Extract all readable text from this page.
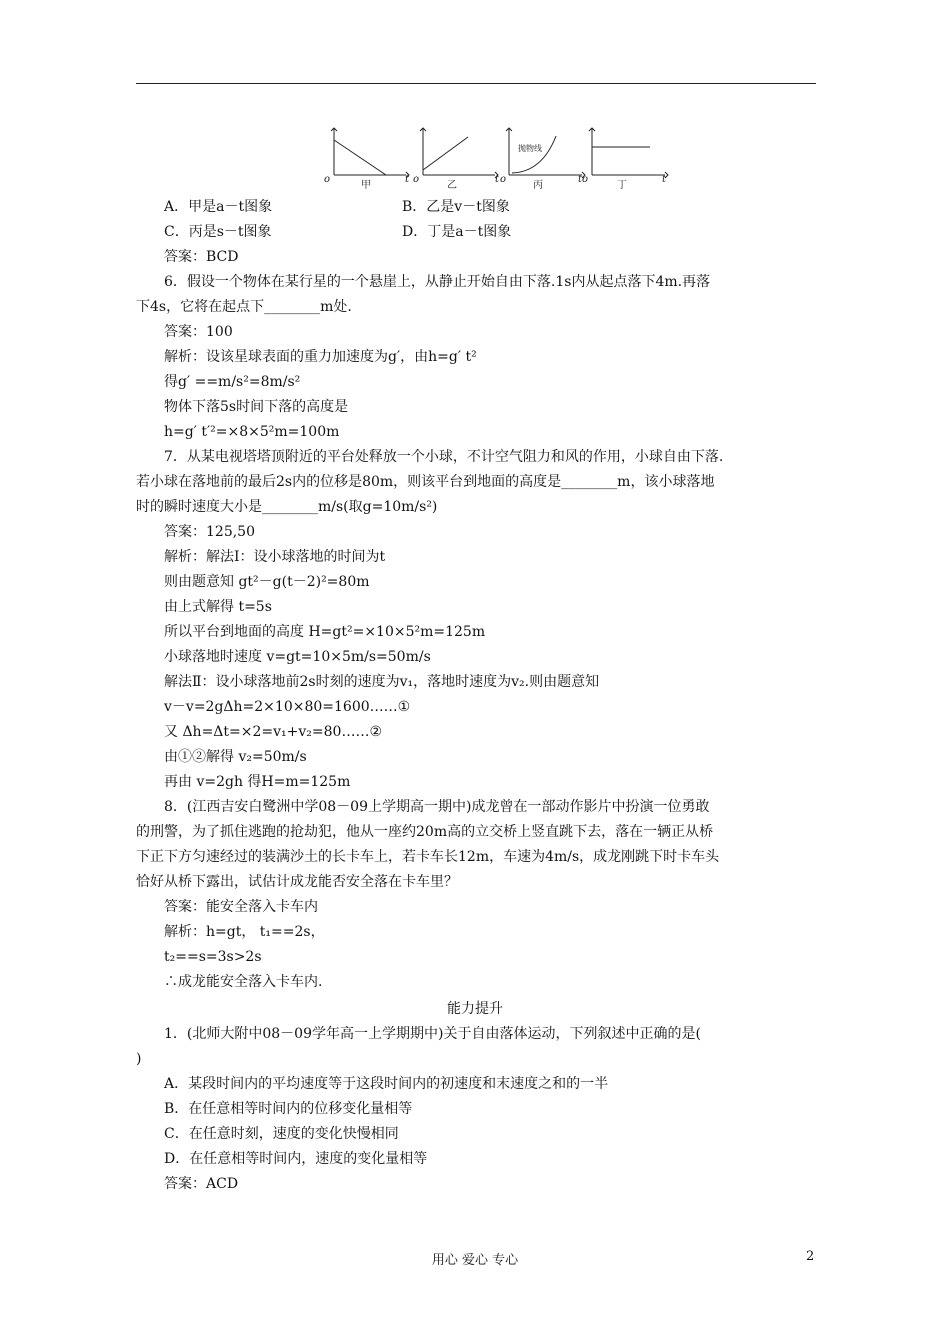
o	t o	t o	t o	t
甲	乙	丙	丁
抛物线
A．甲是a－t图象	B．乙是v－t图象
C．丙是s－t图象	D．丁是a－t图象
答案：BCD
6．假设一个物体在某行星的一个悬崖上，从静止开始自由下落.1s内从起点落下4m.再落
下4s，它将在起点下________m处.
答案：100
解析：设该星球表面的重力加速度为g′，由h=g′ t²
得g′ ==m/s²=8m/s²
物体下落5s时间下落的高度是
h=g′ t′²=×8×5²m=100m
7．从某电视塔塔顶附近的平台处释放一个小球，不计空气阻力和风的作用，小球自由下落.
若小球在落地前的最后2s内的位移是80m，则该平台到地面的高度是________m，该小球落地
时的瞬时速度大小是________m/s(取g=10m/s²)
答案：125,50
解析：解法Ⅰ：设小球落地的时间为t
则由题意知 gt²－g(t－2)²=80m
由上式解得 t=5s
所以平台到地面的高度 H=gt²=×10×5²m=125m
小球落地时速度 v=gt=10×5m/s=50m/s
解法Ⅱ：设小球落地前2s时刻的速度为v₁，落地时速度为v₂.则由题意知
v－v=2gΔh=2×10×80=1600……①
又 Δh=Δt=×2=v₁+v₂=80……②
由①②解得 v₂=50m/s
再由 v=2gh 得H=m=125m
8．(江西吉安白鹭洲中学08－09上学期高一期中)成龙曾在一部动作影片中扮演一位勇敢
的刑警，为了抓住逃跑的抢劫犯，他从一座约20m高的立交桥上竖直跳下去，落在一辆正从桥
下正下方匀速经过的装满沙土的长卡车上，若卡车长12m，车速为4m/s，成龙刚跳下时卡车头
恰好从桥下露出，试估计成龙能否安全落在卡车里？
答案：能安全落入卡车内
解析：h=gt， t₁==2s，
t₂==s=3s>2s
∴成龙能安全落入卡车内.
能力提升
1．(北师大附中08－09学年高一上学期期中)关于自由落体运动，下列叙述中正确的是(
)
A．某段时间内的平均速度等于这段时间内的初速度和末速度之和的一半
B．在任意相等时间内的位移变化量相等
C．在任意时刻，速度的变化快慢相同
D．在任意相等时间内，速度的变化量相等
答案：ACD
用心 爱心 专心	2
